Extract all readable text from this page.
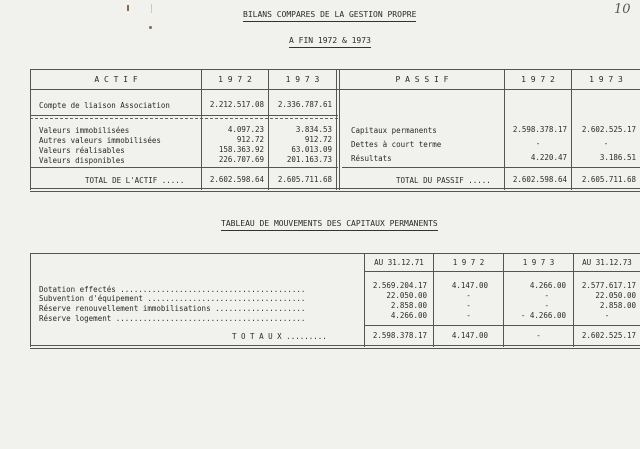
10
BILANS COMPARES DE LA GESTION PROPRE
A FIN 1972 & 1973
A C T I F	1 9 7 2	1 9 7 3	P A S S I F	1 9 7 2	1 9 7 3
Compte de liaison Association	2.212.517.08	2.336.787.61
Valeurs immobilisées	4.097.23	3.834.53
Autres valeurs immobilisées	912.72	912.72
Valeurs réalisables	158.363.92	63.013.09
Valeurs disponibles	226.707.69	201.163.73
TOTAL DE L'ACTIF .....	2.602.598.64	2.605.711.68
Capitaux permanents	2.598.378.17	2.602.525.17
Dettes à court terme	-	-
Résultats	4.220.47	3.186.51
TOTAL DU PASSIF .....	2.602.598.64	2.605.711.68
TABLEAU DE MOUVEMENTS DES CAPITAUX PERMANENTS
AU 31.12.71	1 9 7 2	1 9 7 3	AU 31.12.73
Dotation effectés .........................................	2.569.204.17	4.147.00	4.266.00	2.577.617.17
Subvention d'équipement ...................................	22.050.00	-	-	22.050.00
Réserve renouvellement immobilisations ....................	2.858.00	-	-	2.858.00
Réserve logement ..........................................	4.266.00	-	- 4.266.00	-
T O T A U X .........	2.598.378.17	4.147.00	-	2.602.525.17
